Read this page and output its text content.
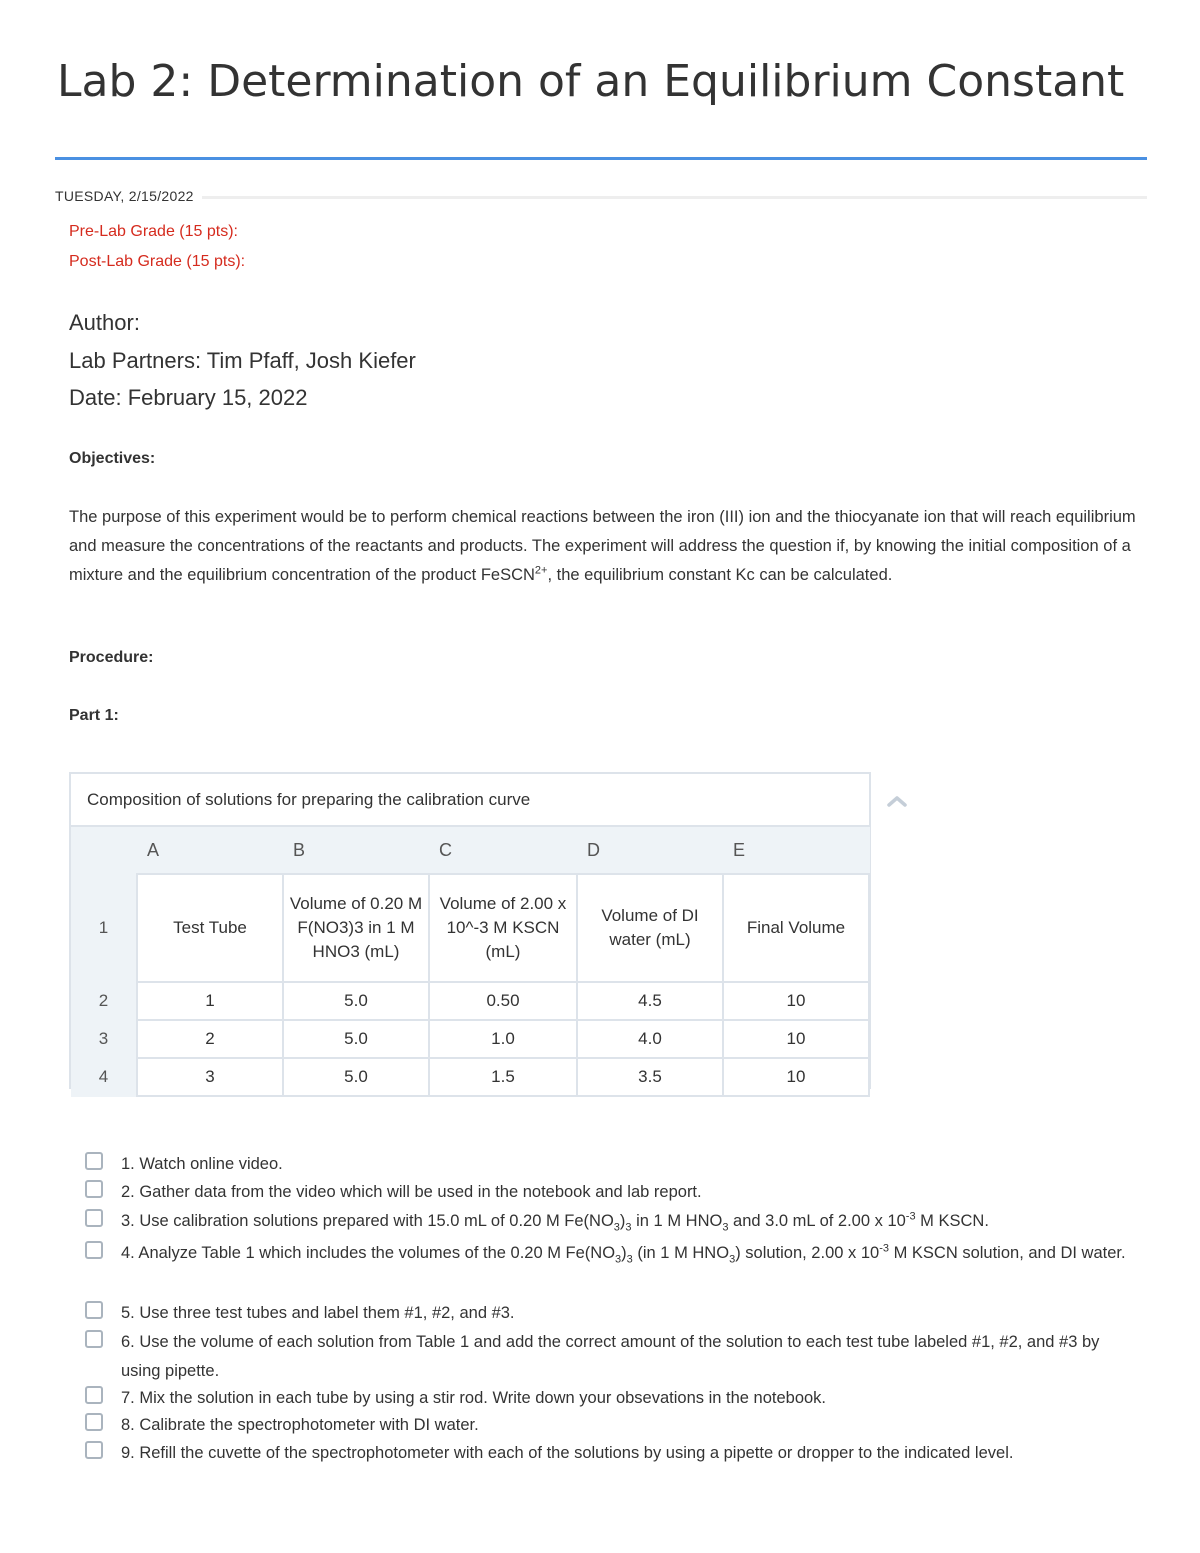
Lab 2: Determination of an Equilibrium Constant
TUESDAY, 2/15/2022
Pre-Lab Grade (15 pts):
Post-Lab Grade (15 pts):
Author:
Lab Partners: Tim Pfaff, Josh Kiefer
Date: February 15, 2022
Objectives:
The purpose of this experiment would be to perform chemical reactions between the iron (III) ion and the thiocyanate ion that will reach equilibrium and measure the concentrations of the reactants and products. The experiment will address the question if, by knowing the initial composition of a mixture and the equilibrium concentration of the product FeSCN$^{2+}$, the equilibrium constant Kc can be calculated.
Procedure:
Part 1:
Composition of solutions for preparing the calibration curve
	A	B	C	D	E
1	Test Tube	Volume of 0.20 M F(NO3)3 in 1 M HNO3 (mL)	Volume of 2.00 x 10^-3 M KSCN (mL)	Volume of DI water (mL)	Final Volume
2	1	5.0	0.50	4.5	10
3	2	5.0	1.0	4.0	10
4	3	5.0	1.5	3.5	10
1. Watch online video.
2. Gather data from the video which will be used in the notebook and lab report.
3. Use calibration solutions prepared with 15.0 mL of 0.20 M $Fe(NO_3)_3$ in 1 M $HNO_3$ and 3.0 mL of 2.00 x $10^{-3}$ M KSCN.
4. Analyze Table 1 which includes the volumes of the 0.20 M $Fe(NO_3)_3$ (in 1 M $HNO_3$) solution, 2.00 x $10^{-3}$ M KSCN solution, and DI water.
5. Use three test tubes and label them #1, #2, and #3.
6. Use the volume of each solution from Table 1 and add the correct amount of the solution to each test tube labeled #1, #2, and #3 by using pipette.
7. Mix the solution in each tube by using a stir rod. Write down your obsevations in the notebook.
8. Calibrate the spectrophotometer with DI water.
9. Refill the cuvette of the spectrophotometer with each of the solutions by using a pipette or dropper to the indicated level.
